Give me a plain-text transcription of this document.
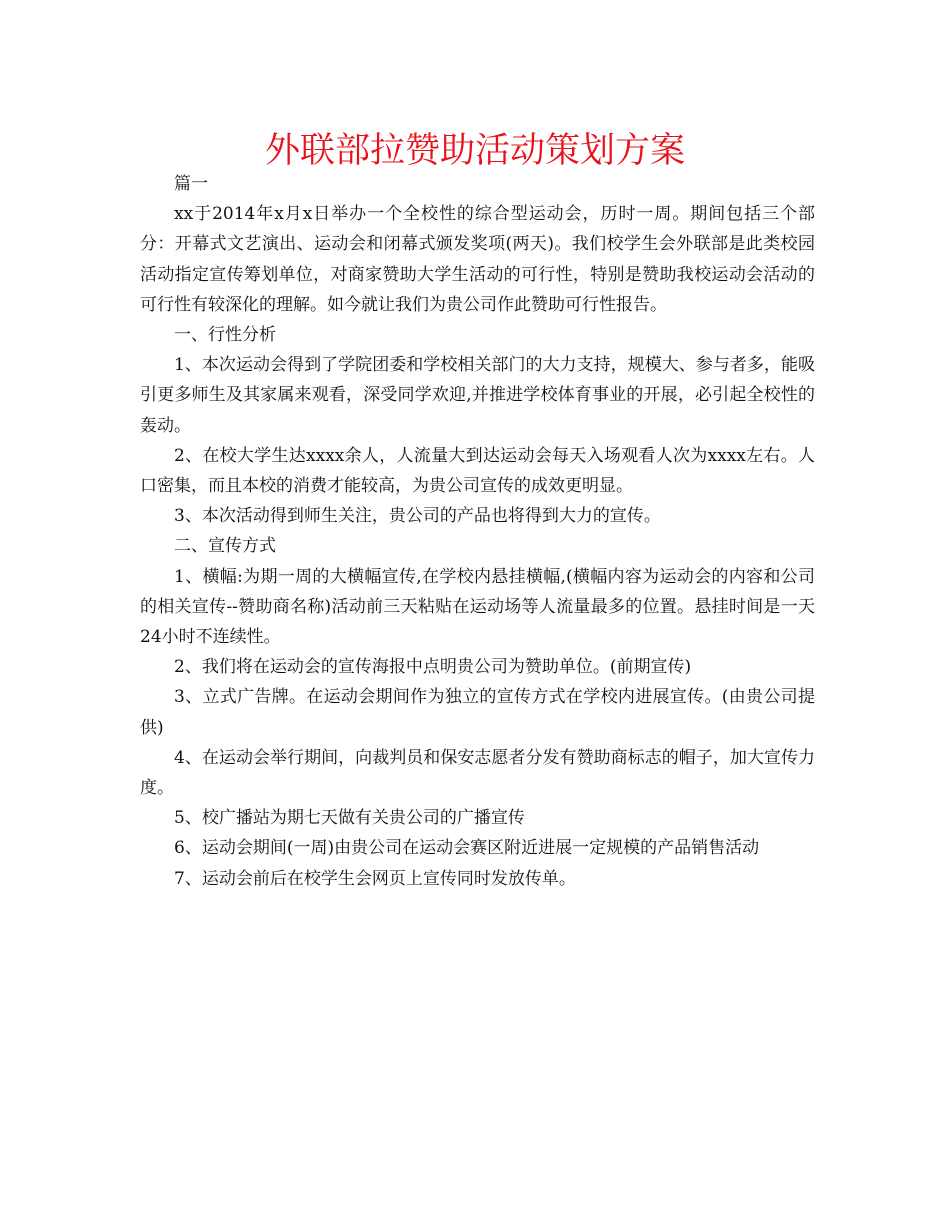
外联部拉赞助活动策划方案

篇一

xx于2014年x月x日举办一个全校性的综合型运动会，历时一周。期间包括三个部分：开幕式文艺演出、运动会和闭幕式颁发奖项(两天)。我们校学生会外联部是此类校园活动指定宣传筹划单位，对商家赞助大学生活动的可行性，特别是赞助我校运动会活动的可行性有较深化的理解。如今就让我们为贵公司作此赞助可行性报告。

一、行性分析

1、本次运动会得到了学院团委和学校相关部门的大力支持，规模大、参与者多，能吸引更多师生及其家属来观看，深受同学欢迎,并推进学校体育事业的开展，必引起全校性的轰动。

2、在校大学生达xxxx余人，人流量大到达运动会每天入场观看人次为xxxx左右。人口密集，而且本校的消费才能较高，为贵公司宣传的成效更明显。

3、本次活动得到师生关注，贵公司的产品也将得到大力的宣传。

二、宣传方式

1、横幅:为期一周的大横幅宣传,在学校内悬挂横幅,(横幅内容为运动会的内容和公司的相关宣传--赞助商名称)活动前三天粘贴在运动场等人流量最多的位置。悬挂时间是一天24小时不连续性。

2、我们将在运动会的宣传海报中点明贵公司为赞助单位。(前期宣传)

3、立式广告牌。在运动会期间作为独立的宣传方式在学校内进展宣传。(由贵公司提供)

4、在运动会举行期间，向裁判员和保安志愿者分发有赞助商标志的帽子，加大宣传力度。

5、校广播站为期七天做有关贵公司的广播宣传

6、运动会期间(一周)由贵公司在运动会赛区附近进展一定规模的产品销售活动

7、运动会前后在校学生会网页上宣传同时发放传单。
